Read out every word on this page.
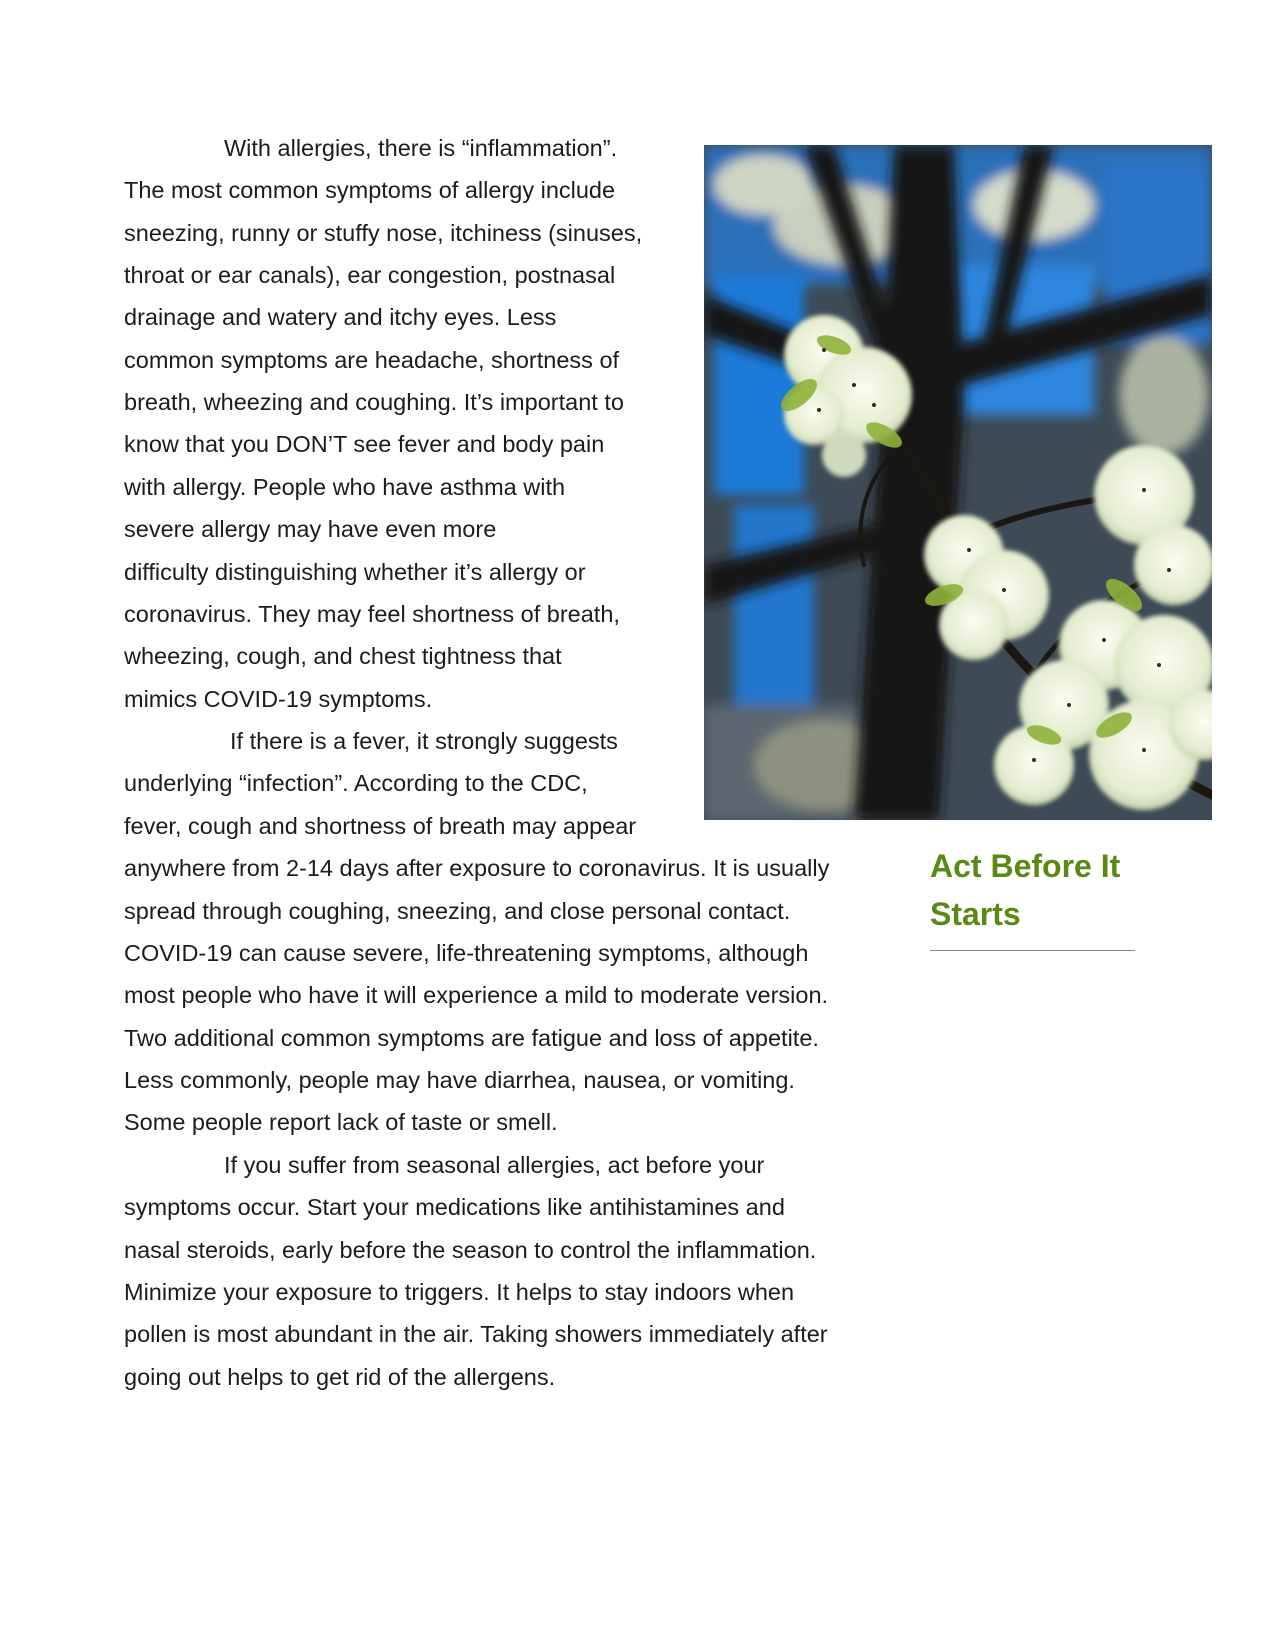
Act Before It

Starts

With allergies, there is “inflammation”.

The most common symptoms of allergy include

sneezing, runny or stuffy nose, itchiness (sinuses,

throat or ear canals), ear congestion, postnasal

drainage and watery and itchy eyes. Less

common symptoms are headache, shortness of

breath, wheezing and coughing. It’s important to

know that you DON’T see fever and body pain

with allergy. People who have asthma with

severe allergy may have even more

difficulty distinguishing whether it’s allergy or

coronavirus. They may feel shortness of breath,

wheezing, cough, and chest tightness that

mimics COVID-19 symptoms.

If there is a fever, it strongly suggests

underlying “infection”. According to the CDC,

fever, cough and shortness of breath may appear

anywhere from 2-14 days after exposure to coronavirus. It is usually

spread through coughing, sneezing, and close personal contact.

COVID-19 can cause severe, life-threatening symptoms, although

most people who have it will experience a mild to moderate version.

Two additional common symptoms are fatigue and loss of appetite.

Less commonly, people may have diarrhea, nausea, or vomiting.

Some people report lack of taste or smell.

If you suffer from seasonal allergies, act before your

symptoms occur. Start your medications like antihistamines and

nasal steroids, early before the season to control the inflammation.

Minimize your exposure to triggers. It helps to stay indoors when

pollen is most abundant in the air. Taking showers immediately after

going out helps to get rid of the allergens.
